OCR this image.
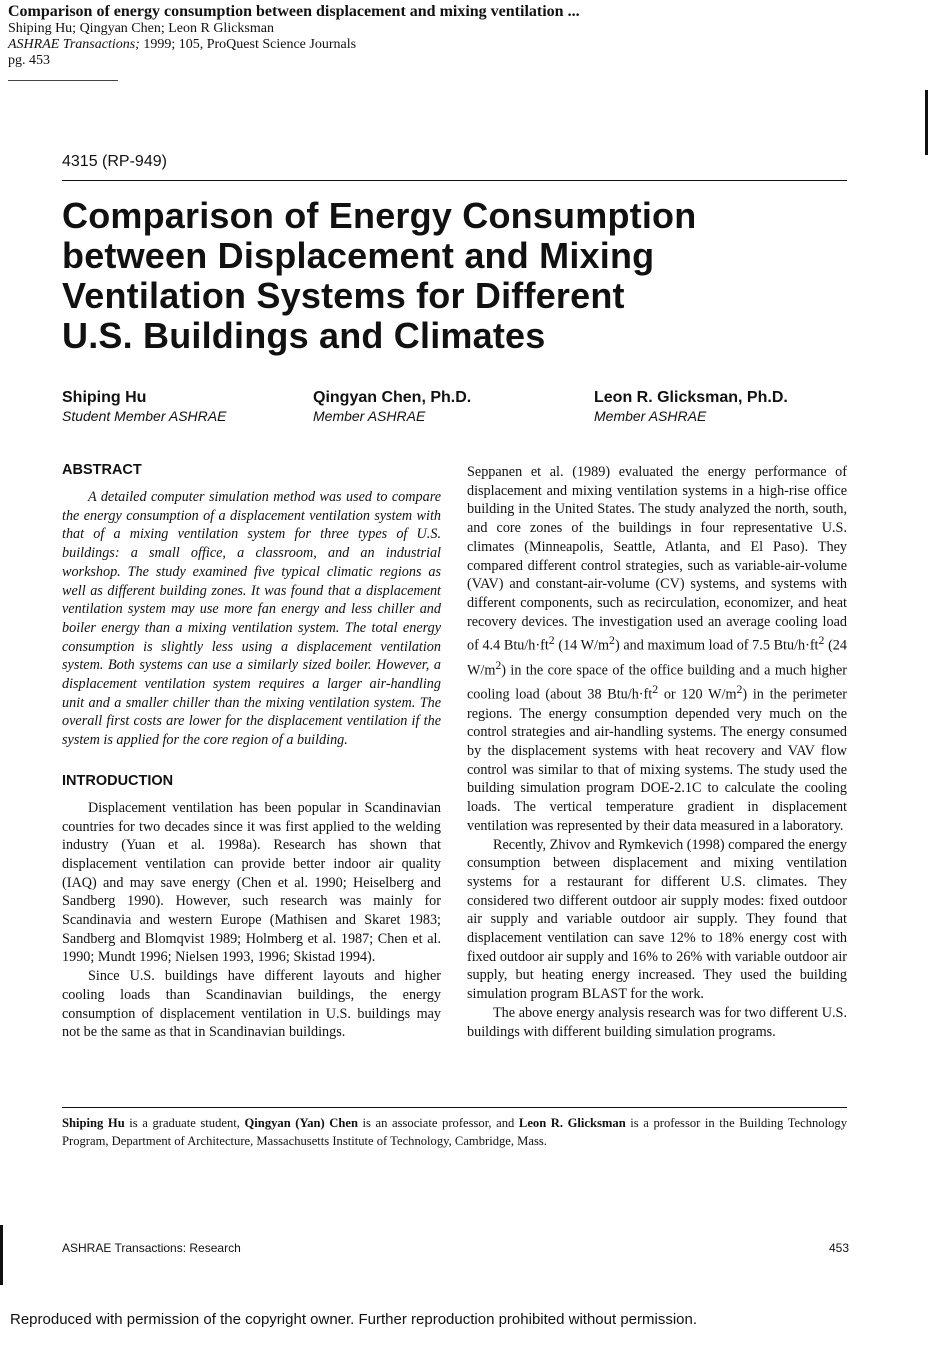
Comparison of energy consumption between displacement and mixing ventilation ...
Shiping Hu; Qingyan Chen; Leon R Glicksman
ASHRAE Transactions; 1999; 105, ProQuest Science Journals
pg. 453
4315 (RP-949)
Comparison of Energy Consumption
between Displacement and Mixing
Ventilation Systems for Different
U.S. Buildings and Climates
Shiping Hu
Student Member ASHRAE
Qingyan Chen, Ph.D.
Member ASHRAE
Leon R. Glicksman, Ph.D.
Member ASHRAE
ABSTRACT

A detailed computer simulation method was used to compare the energy consumption of a displacement ventilation system with that of a mixing ventilation system for three types of U.S. buildings: a small office, a classroom, and an industrial workshop. The study examined five typical climatic regions as well as different building zones. It was found that a displacement ventilation system may use more fan energy and less chiller and boiler energy than a mixing ventilation system. The total energy consumption is slightly less using a displacement ventilation system. Both systems can use a similarly sized boiler. However, a displacement ventilation system requires a larger air-handling unit and a smaller chiller than the mixing ventilation system. The overall first costs are lower for the displacement ventilation if the system is applied for the core region of a building.

INTRODUCTION

Displacement ventilation has been popular in Scandinavian countries for two decades since it was first applied to the welding industry (Yuan et al. 1998a). Research has shown that displacement ventilation can provide better indoor air quality (IAQ) and may save energy (Chen et al. 1990; Heiselberg and Sandberg 1990). However, such research was mainly for Scandinavia and western Europe (Mathisen and Skaret 1983; Sandberg and Blomqvist 1989; Holmberg et al. 1987; Chen et al. 1990; Mundt 1996; Nielsen 1993, 1996; Skistad 1994).

Since U.S. buildings have different layouts and higher cooling loads than Scandinavian buildings, the energy consumption of displacement ventilation in U.S. buildings may not be the same as that in Scandinavian buildings.

Seppanen et al. (1989) evaluated the energy performance of displacement and mixing ventilation systems in a high-rise office building in the United States. The study analyzed the north, south, and core zones of the buildings in four representative U.S. climates (Minneapolis, Seattle, Atlanta, and El Paso). They compared different control strategies, such as variable-air-volume (VAV) and constant-air-volume (CV) systems, and systems with different components, such as recirculation, economizer, and heat recovery devices. The investigation used an average cooling load of 4.4 Btu/$h\cdot ft^2$ (14 $W/m^2$) and maximum load of 7.5 Btu/$h\cdot ft^2$ (24 $W/m^2$) in the core space of the office building and a much higher cooling load (about 38 Btu/$h\cdot ft^2$ or 120 $W/m^2$) in the perimeter regions. The energy consumption depended very much on the control strategies and air-handling systems. The energy consumed by the displacement systems with heat recovery and VAV flow control was similar to that of mixing systems. The study used the building simulation program DOE-2.1C to calculate the cooling loads. The vertical temperature gradient in displacement ventilation was represented by their data measured in a laboratory.

Recently, Zhivov and Rymkevich (1998) compared the energy consumption between displacement and mixing ventilation systems for a restaurant for different U.S. climates. They considered two different outdoor air supply modes: fixed outdoor air supply and variable outdoor air supply. They found that displacement ventilation can save 12% to 18% energy cost with fixed outdoor air supply and 16% to 26% with variable outdoor air supply, but heating energy increased. They used the building simulation program BLAST for the work.

The above energy analysis research was for two different U.S. buildings with different building simulation programs.

Shiping Hu is a graduate student, Qingyan (Yan) Chen is an associate professor, and Leon R. Glicksman is a professor in the Building Technology Program, Department of Architecture, Massachusetts Institute of Technology, Cambridge, Mass.
ASHRAE Transactions: Research	453
Reproduced with permission of the copyright owner. Further reproduction prohibited without permission.
